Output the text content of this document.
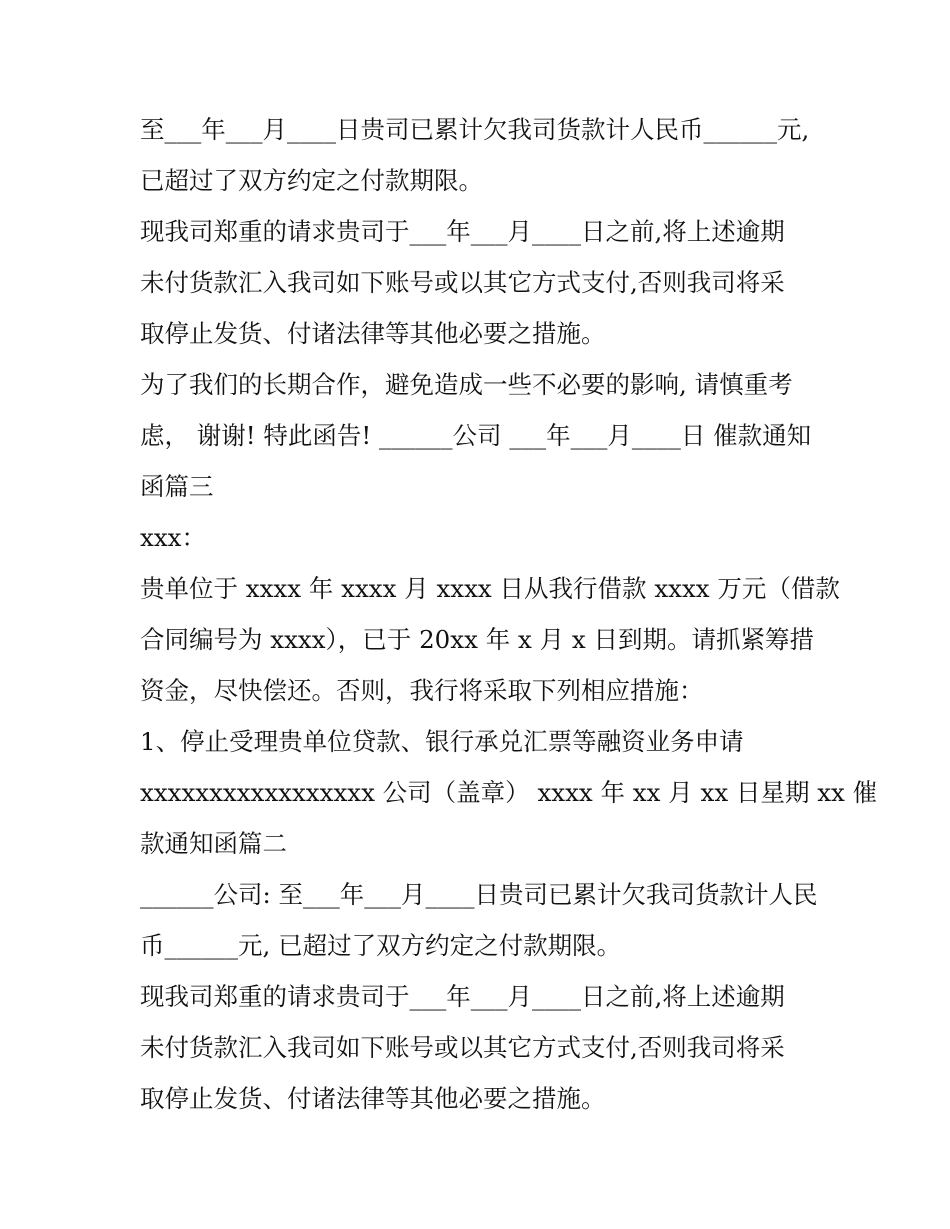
至___年___月____日贵司已累计欠我司货款计人民币______元,
已超过了双方约定之付款期限。
现我司郑重的请求贵司于___年___月____日之前,将上述逾期
未付货款汇入我司如下账号或以其它方式支付,否则我司将采
取停止发货、付诸法律等其他必要之措施。
为了我们的长期合作，避免造成一些不必要的影响, 请慎重考
虑， 谢谢! 特此函告! ______公司 ___年___月____日 催款通知
函篇三
xxx：
贵单位于 xxxx 年 xxxx 月 xxxx 日从我行借款 xxxx 万元（借款
合同编号为 xxxx），已于 20xx 年 x 月 x 日到期。请抓紧筹措
资金，尽快偿还。否则，我行将采取下列相应措施：
1、停止受理贵单位贷款、银行承兑汇票等融资业务申请
xxxxxxxxxxxxxxxxx 公司（盖章） xxxx 年 xx 月 xx 日星期 xx 催
款通知函篇二
______公司: 至___年___月____日贵司已累计欠我司货款计人民
币______元, 已超过了双方约定之付款期限。
现我司郑重的请求贵司于___年___月____日之前,将上述逾期
未付货款汇入我司如下账号或以其它方式支付,否则我司将采
取停止发货、付诸法律等其他必要之措施。
